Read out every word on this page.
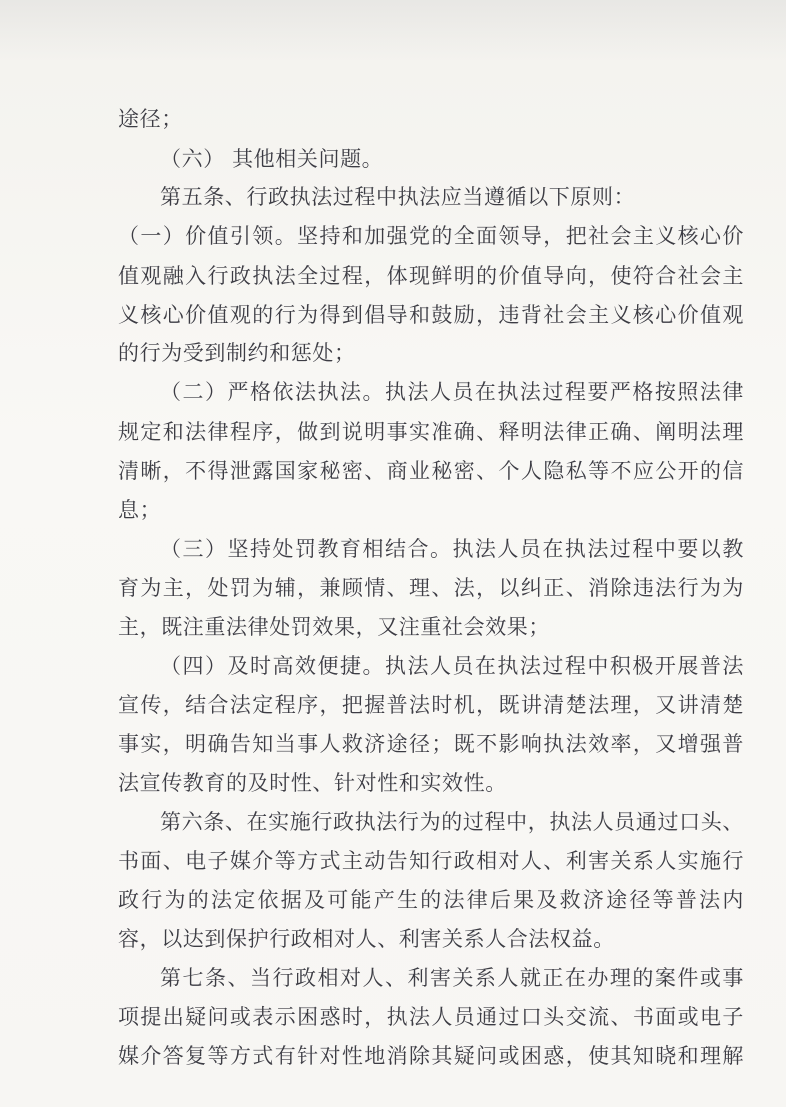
途径；
（六） 其他相关问题。
第五条、行政执法过程中执法应当遵循以下原则：
（一）价值引领。坚持和加强党的全面领导，把社会主义核心价
值观融入行政执法全过程，体现鲜明的价值导向，使符合社会主
义核心价值观的行为得到倡导和鼓励，违背社会主义核心价值观
的行为受到制约和惩处；
（二）严格依法执法。执法人员在执法过程要严格按照法律
规定和法律程序，做到说明事实准确、释明法律正确、阐明法理
清晰，不得泄露国家秘密、商业秘密、个人隐私等不应公开的信
息；
（三）坚持处罚教育相结合。执法人员在执法过程中要以教
育为主，处罚为辅，兼顾情、理、法，以纠正、消除违法行为为
主，既注重法律处罚效果，又注重社会效果；
（四）及时高效便捷。执法人员在执法过程中积极开展普法
宣传，结合法定程序，把握普法时机，既讲清楚法理，又讲清楚
事实，明确告知当事人救济途径；既不影响执法效率，又增强普
法宣传教育的及时性、针对性和实效性。
第六条、在实施行政执法行为的过程中，执法人员通过口头、
书面、电子媒介等方式主动告知行政相对人、利害关系人实施行
政行为的法定依据及可能产生的法律后果及救济途径等普法内
容，以达到保护行政相对人、利害关系人合法权益。
第七条、当行政相对人、利害关系人就正在办理的案件或事
项提出疑问或表示困惑时，执法人员通过口头交流、书面或电子
媒介答复等方式有针对性地消除其疑问或困惑，使其知晓和理解
